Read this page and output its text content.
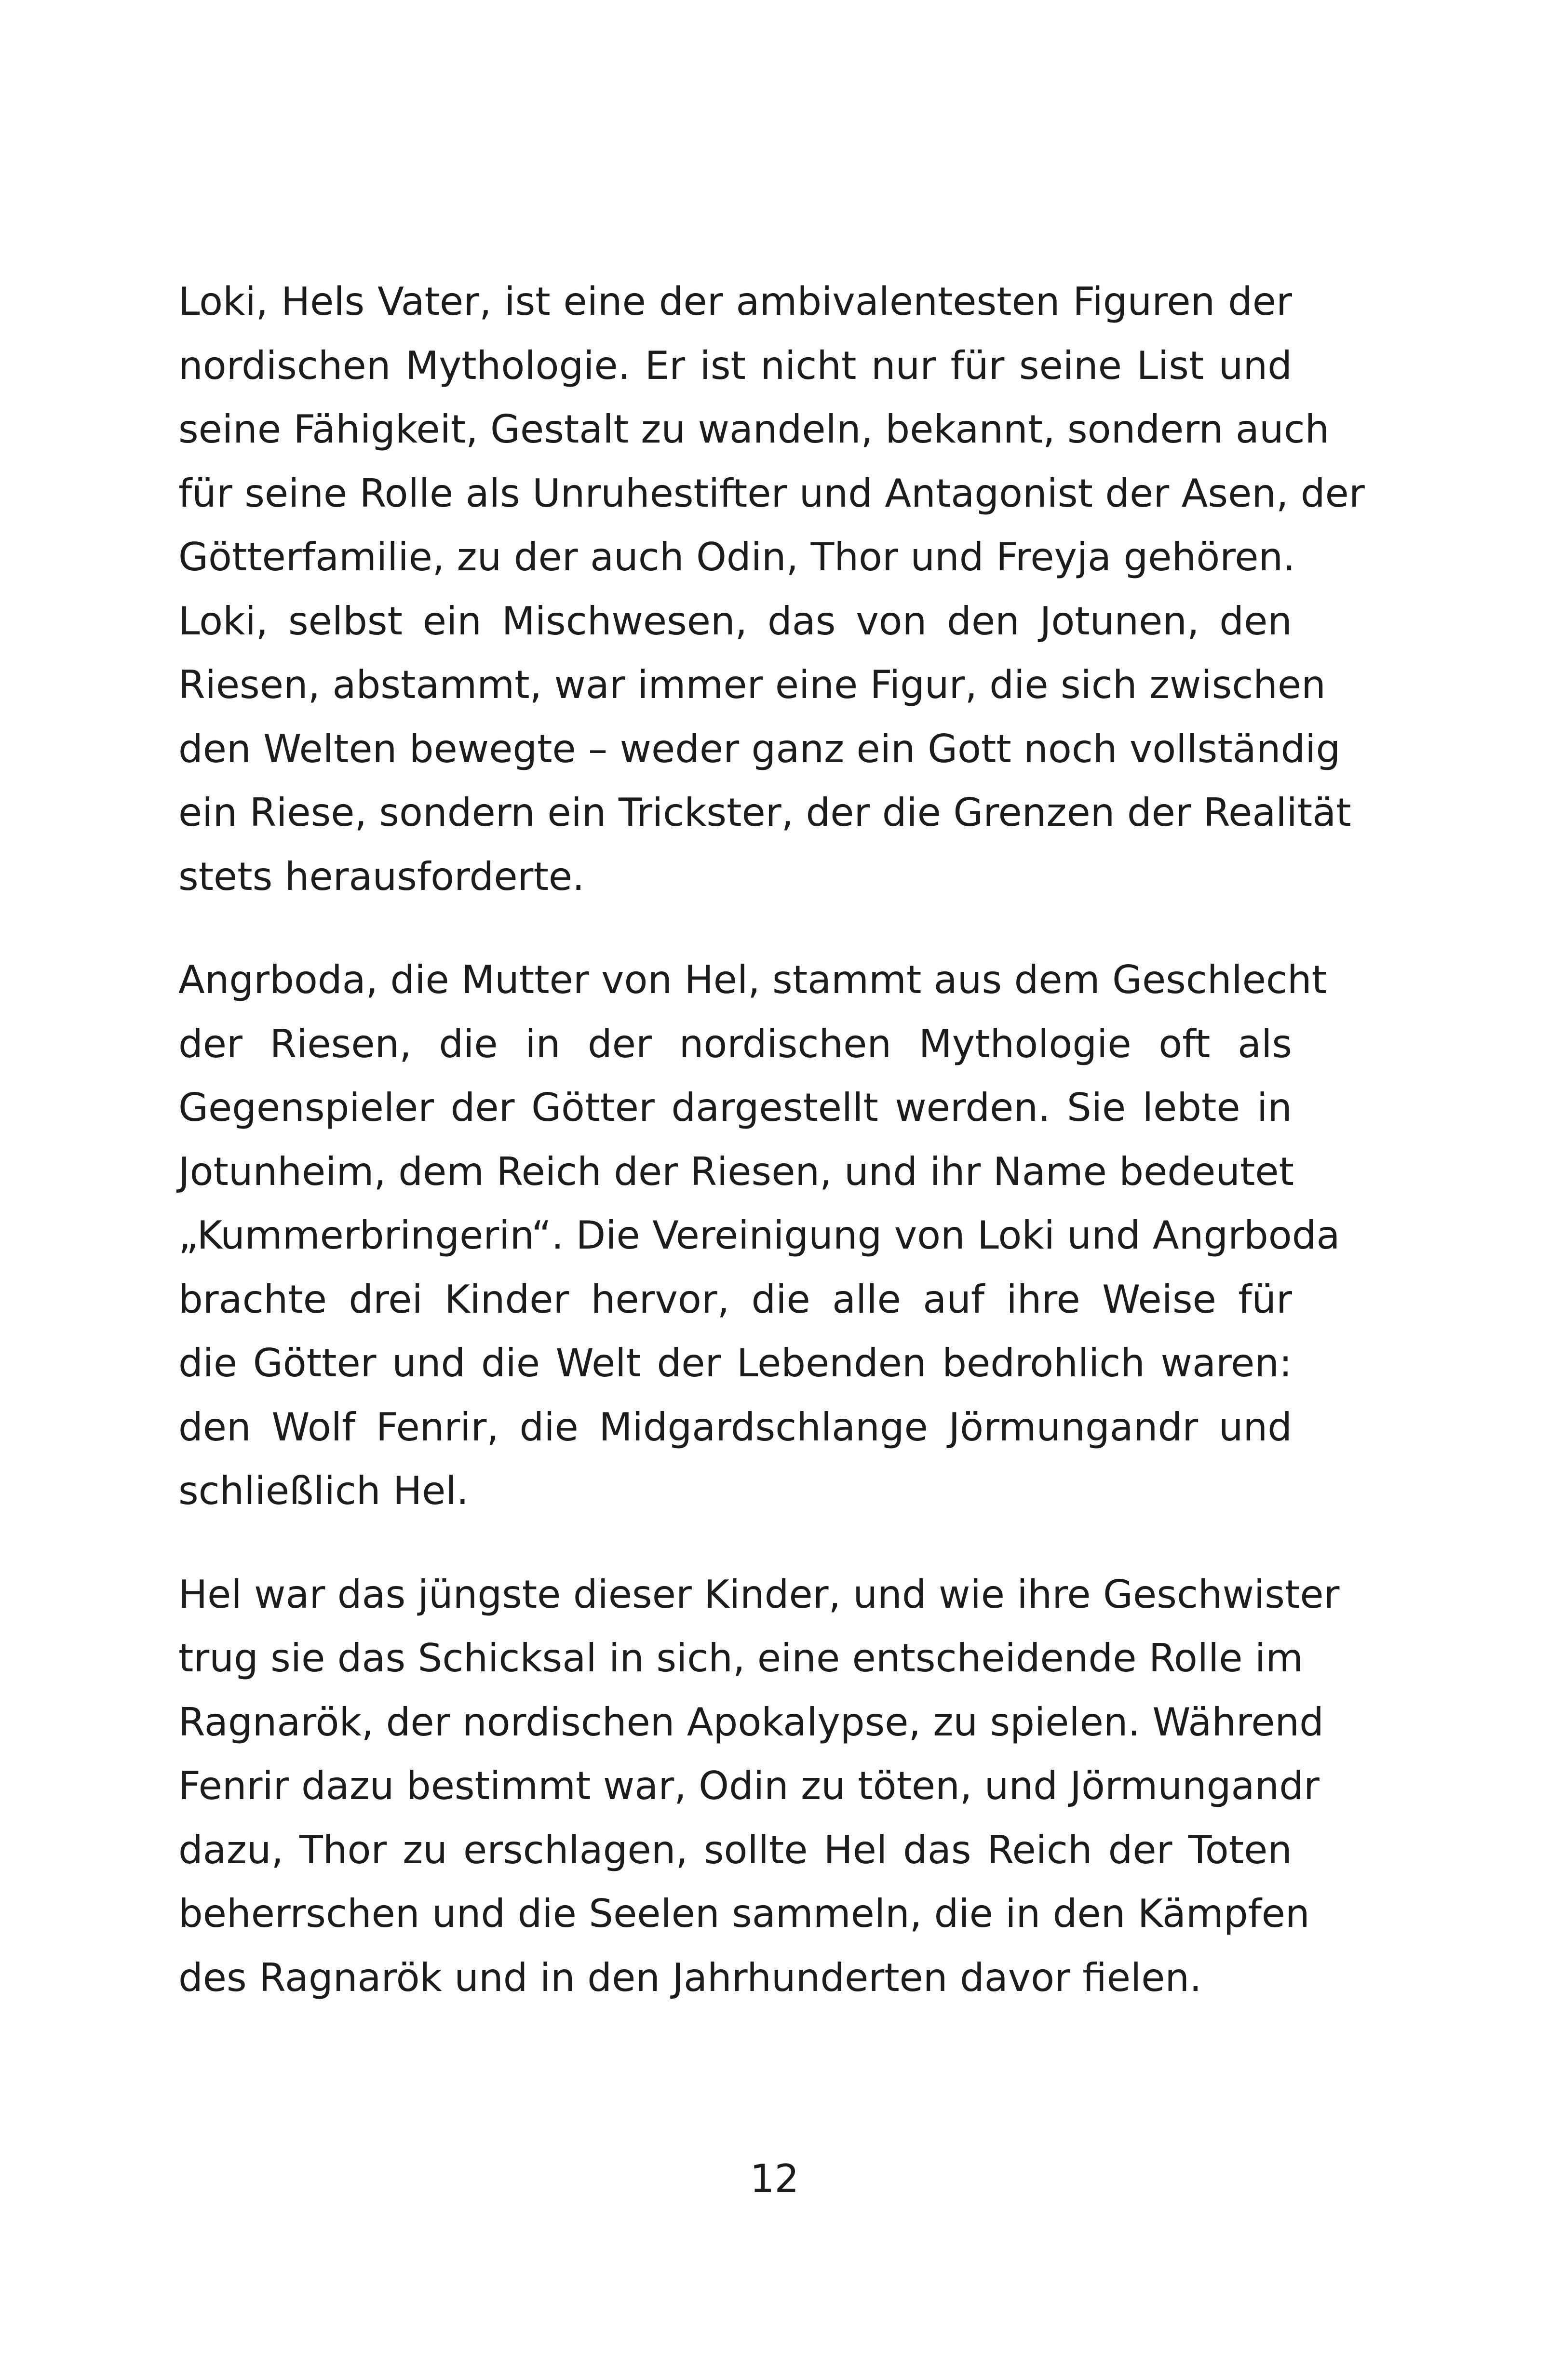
Loki, Hels Vater, ist eine der ambivalentesten Figuren der
nordischen Mythologie. Er ist nicht nur für seine List und
seine Fähigkeit, Gestalt zu wandeln, bekannt, sondern auch
für seine Rolle als Unruhestifter und Antagonist der Asen, der
Götterfamilie, zu der auch Odin, Thor und Freyja gehören.
Loki, selbst ein Mischwesen, das von den Jotunen, den
Riesen, abstammt, war immer eine Figur, die sich zwischen
den Welten bewegte – weder ganz ein Gott noch vollständig
ein Riese, sondern ein Trickster, der die Grenzen der Realität
stets herausforderte.

Angrboda, die Mutter von Hel, stammt aus dem Geschlecht
der Riesen, die in der nordischen Mythologie oft als
Gegenspieler der Götter dargestellt werden. Sie lebte in
Jotunheim, dem Reich der Riesen, und ihr Name bedeutet
„Kummerbringerin“. Die Vereinigung von Loki und Angrboda
brachte drei Kinder hervor, die alle auf ihre Weise für
die Götter und die Welt der Lebenden bedrohlich waren:
den Wolf Fenrir, die Midgardschlange Jörmungandr und
schließlich Hel.

Hel war das jüngste dieser Kinder, und wie ihre Geschwister
trug sie das Schicksal in sich, eine entscheidende Rolle im
Ragnarök, der nordischen Apokalypse, zu spielen. Während
Fenrir dazu bestimmt war, Odin zu töten, und Jörmungandr
dazu, Thor zu erschlagen, sollte Hel das Reich der Toten
beherrschen und die Seelen sammeln, die in den Kämpfen
des Ragnarök und in den Jahrhunderten davor fielen.

12
